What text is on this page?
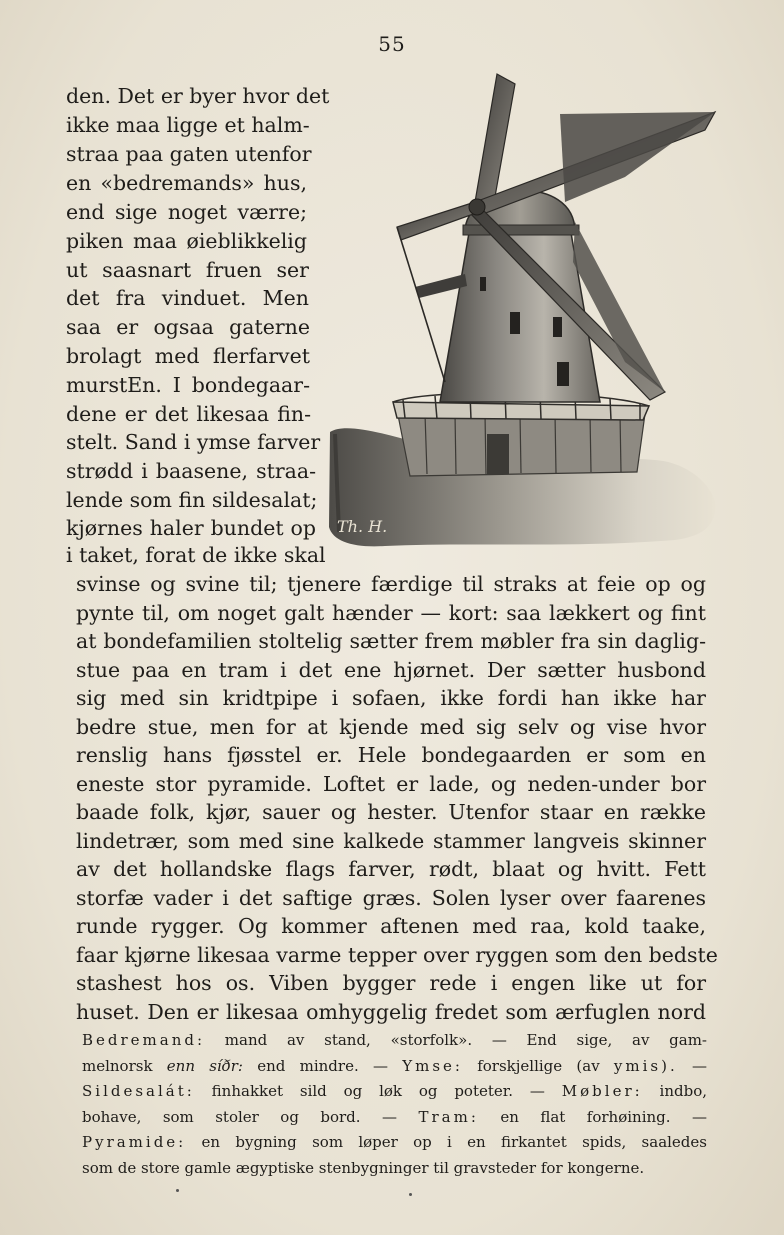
55
Th. H.
den. Det er byer hvor det
ikke maa ligge et halm-
straa paa gaten utenfor
en «bedremands» hus,
end sige noget værre;
piken maa øieblikkelig
ut saasnart fruen ser
det fra vinduet. Men
saa er ogsaa gaterne
brolagt med flerfarvet
murstEn. I bondegaar-
dene er det likesaa fin-
stelt. Sand i ymse farver
strødd i baasene, straa-
lende som fin sildesalat;
kjørnes haler bundet op
i taket, forat de ikke skal
svinse og svine til; tjenere færdige til straks at feie op og
pynte til, om noget galt hænder — kort: saa lækkert og fint
at bondefamilien stoltelig sætter frem møbler fra sin daglig-
stue paa en tram i det ene hjørnet. Der sætter husbond
sig med sin kridtpipe i sofaen, ikke fordi han ikke har
bedre stue, men for at kjende med sig selv og vise hvor
renslig hans fjøsstel er. Hele bondegaarden er som en
eneste stor pyramide. Loftet er lade, og neden-under bor
baade folk, kjør, sauer og hester. Utenfor staar en række
lindetrær, som med sine kalkede stammer langveis skinner
av det hollandske flags farver, rødt, blaat og hvitt. Fett
storfæ vader i det saftige græs. Solen lyser over faarenes
runde rygger. Og kommer aftenen med raa, kold taake,
faar kjørne likesaa varme tepper over ryggen som den bedste
stashest hos os. Viben bygger rede i engen like ut for
huset. Den er likesaa omhyggelig fredet som ærfuglen nord
Bedremand: mand av stand, «storfolk». — End sige, av gam-
melnorsk enn síðr: end mindre. — Ymse: forskjellige (av ymis). —
Sildesalát: finhakket sild og løk og poteter. — Møbler: indbo,
bohave, som stoler og bord. — Tram: en flat forhøining. —
Pyramide: en bygning som løper op i en firkantet spids, saaledes
som de store gamle ægyptiske stenbygninger til gravsteder for kongerne.
